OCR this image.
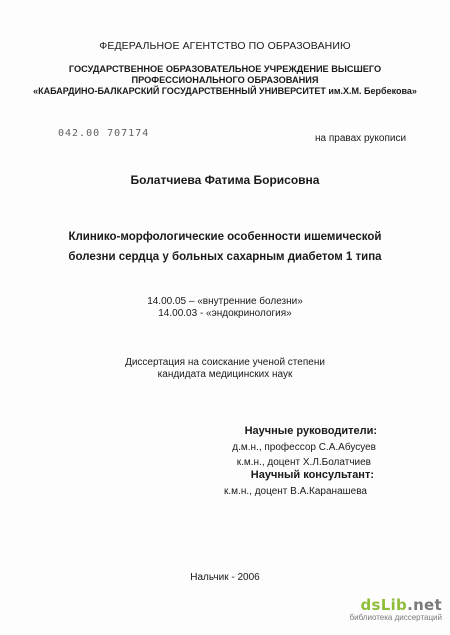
ФЕДЕРАЛЬНОЕ АГЕНТСТВО ПО ОБРАЗОВАНИЮ
ГОСУДАРСТВЕННОЕ ОБРАЗОВАТЕЛЬНОЕ УЧРЕЖДЕНИЕ ВЫСШЕГО
ПРОФЕССИОНАЛЬНОГО ОБРАЗОВАНИЯ
«КАБАРДИНО-БАЛКАРСКИЙ ГОСУДАРСТВЕННЫЙ УНИВЕРСИТЕТ им.Х.М. Бербекова»
042.00 707174	на правах рукописи
Болатчиева Фатима Борисовна
Клинико-морфологические особенности ишемической
болезни сердца у больных сахарным диабетом 1 типа
14.00.05 – «внутренние болезни»
14.00.03 - «эндокринология»
Диссертация на соискание ученой степени
кандидата медицинских наук
Научные руководители:
д.м.н., профессор С.А.Абусуев
к.м.н., доцент Х.Л.Болатчиев
Научный консультант:
к.м.н., доцент В.А.Каранашева
Нальчик - 2006
dsLib.net
библиотека диссертаций
